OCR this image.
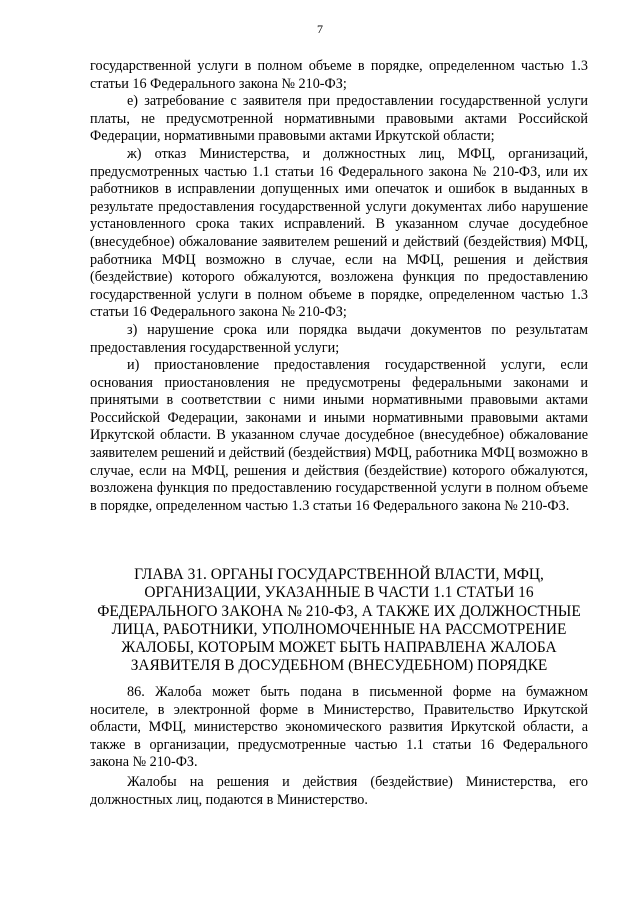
7

государственной услуги в полном объеме в порядке, определенном частью 1.3 статьи 16 Федерального закона № 210-ФЗ;

е) затребование с заявителя при предоставлении государственной услуги платы, не предусмотренной нормативными правовыми актами Российской Федерации, нормативными правовыми актами Иркутской области;

ж) отказ Министерства, и должностных лиц, МФЦ, организаций, предусмотренных частью 1.1 статьи 16 Федерального закона № 210-ФЗ, или их работников в исправлении допущенных ими опечаток и ошибок в выданных в результате предоставления государственной услуги документах либо нарушение установленного срока таких исправлений. В указанном случае досудебное (внесудебное) обжалование заявителем решений и действий (бездействия) МФЦ, работника МФЦ возможно в случае, если на МФЦ, решения и действия (бездействие) которого обжалуются, возложена функция по предоставлению государственной услуги в полном объеме в порядке, определенном частью 1.3 статьи 16 Федерального закона № 210-ФЗ;

з) нарушение срока или порядка выдачи документов по результатам предоставления государственной услуги;

и) приостановление предоставления государственной услуги, если основания приостановления не предусмотрены федеральными законами и принятыми в соответствии с ними иными нормативными правовыми актами Российской Федерации, законами и иными нормативными правовыми актами Иркутской области. В указанном случае досудебное (внесудебное) обжалование заявителем решений и действий (бездействия) МФЦ, работника МФЦ возможно в случае, если на МФЦ, решения и действия (бездействие) которого обжалуются, возложена функция по предоставлению государственной услуги в полном объеме в порядке, определенном частью 1.3 статьи 16 Федерального закона № 210-ФЗ.

ГЛАВА 31. ОРГАНЫ ГОСУДАРСТВЕННОЙ ВЛАСТИ, МФЦ, ОРГАНИЗАЦИИ, УКАЗАННЫЕ В ЧАСТИ 1.1 СТАТЬИ 16 ФЕДЕРАЛЬНОГО ЗАКОНА № 210-ФЗ, А ТАКЖЕ ИХ ДОЛЖНОСТНЫЕ ЛИЦА, РАБОТНИКИ, УПОЛНОМОЧЕННЫЕ НА РАССМОТРЕНИЕ ЖАЛОБЫ, КОТОРЫМ МОЖЕТ БЫТЬ НАПРАВЛЕНА ЖАЛОБА ЗАЯВИТЕЛЯ В ДОСУДЕБНОМ (ВНЕСУДЕБНОМ) ПОРЯДКЕ

86. Жалоба может быть подана в письменной форме на бумажном носителе, в электронной форме в Министерство, Правительство Иркутской области, МФЦ, министерство экономического развития Иркутской области, а также в организации, предусмотренные частью 1.1 статьи 16 Федерального закона № 210-ФЗ.

Жалобы на решения и действия (бездействие) Министерства, его должностных лиц, подаются в Министерство.
